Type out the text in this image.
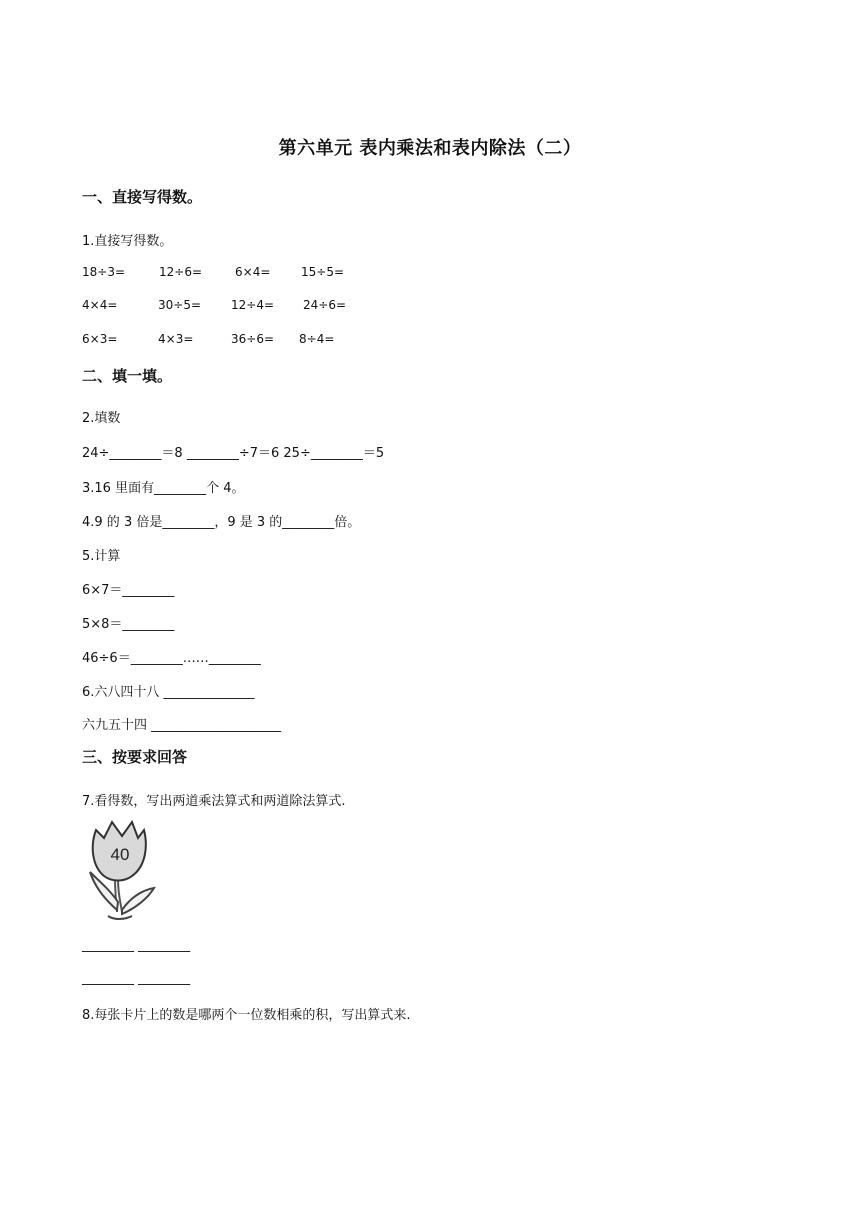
第六单元 表内乘法和表内除法（二）
一、直接写得数。
1.直接写得数。
18÷3=	12÷6=	6×4=	15÷5=
4×4=	30÷5= 12÷4= 24÷6=
6×3=	4×3=	36÷6= 8÷4=
二、填一填。
2.填数
24÷________＝8 ________÷7＝6 25÷________＝5
3.16 里面有________个 4。
4.9 的 3 倍是________，9 是 3 的________倍。
5.计算
6×7＝________
5×8＝________
46÷6＝________……________
6.六八四十八 ______________
六九五十四 ____________________
三、按要求回答
7.看得数，写出两道乘法算式和两道除法算式.
40
________ ________
________ ________
8.每张卡片上的数是哪两个一位数相乘的积，写出算式来.
